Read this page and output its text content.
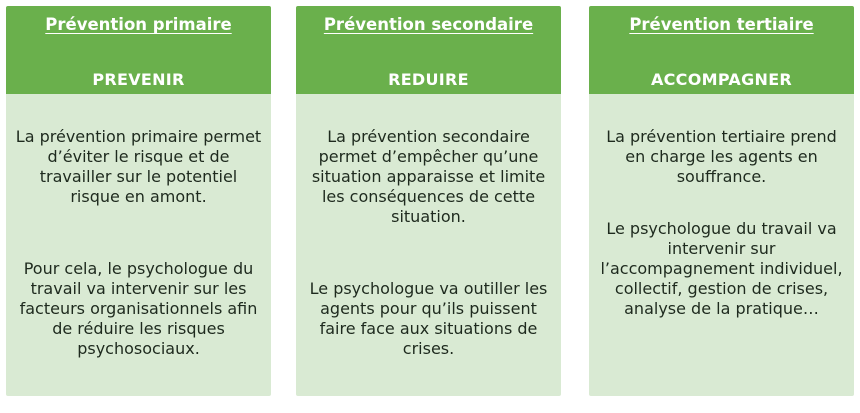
Prévention primaire
PREVENIR

La prévention primaire permet d’éviter le risque et de travailler sur le potentiel risque en amont.

Pour cela, le psychologue du travail va intervenir sur les facteurs organisationnels afin de réduire les risques psychosociaux.

Prévention secondaire
REDUIRE

La prévention secondaire permet d’empêcher qu’une situation apparaisse et limite les conséquences de cette situation.

Le psychologue va outiller les agents pour qu’ils puissent faire face aux situations de crises.

Prévention tertiaire
ACCOMPAGNER

La prévention tertiaire prend en charge les agents en souffrance.

Le psychologue du travail va intervenir sur l’accompagnement individuel, collectif, gestion de crises, analyse de la pratique…
